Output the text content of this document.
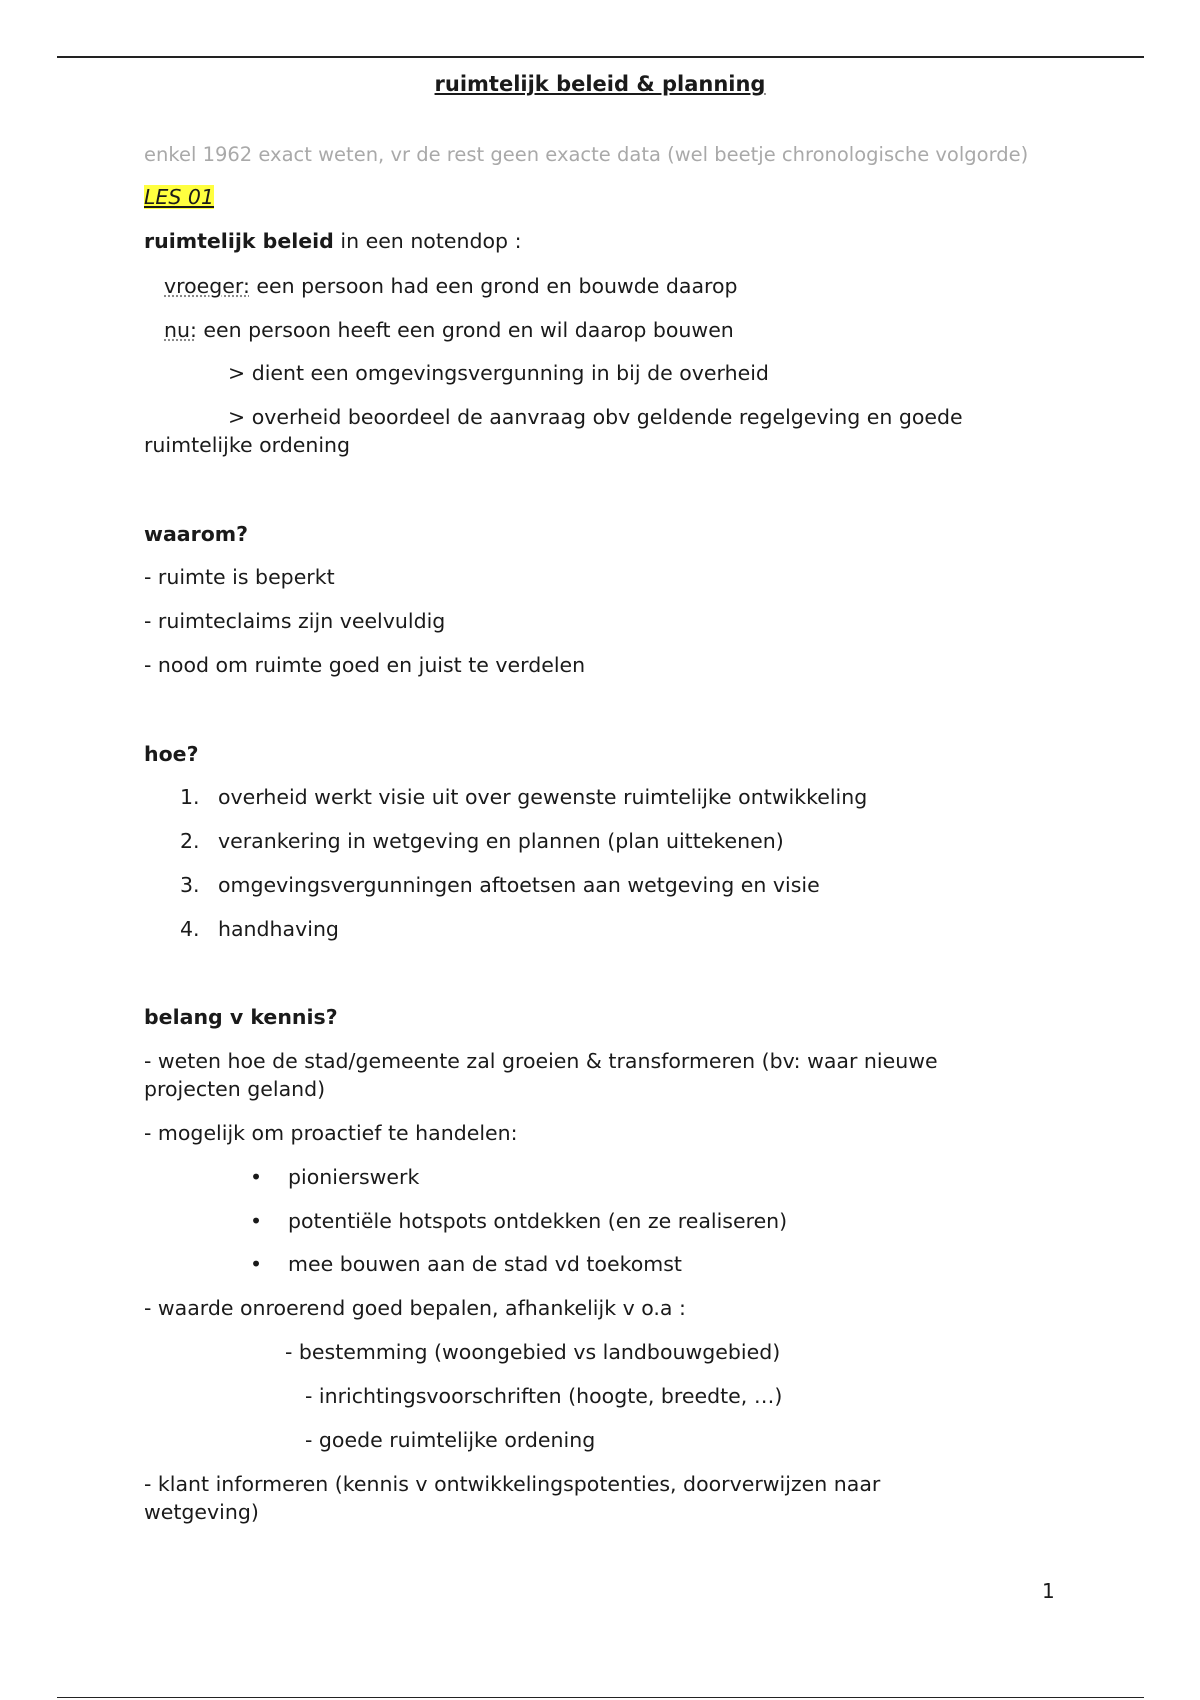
ruimtelijk beleid & planning
enkel 1962 exact weten, vr de rest geen exacte data (wel beetje chronologische volgorde)
LES 01
ruimtelijk beleid in een notendop :
vroeger: een persoon had een grond en bouwde daarop
nu: een persoon heeft een grond en wil daarop bouwen
> dient een omgevingsvergunning in bij de overheid
> overheid beoordeel de aanvraag obv geldende regelgeving en goede
ruimtelijke ordening
waarom?
- ruimte is beperkt
- ruimteclaims zijn veelvuldig
- nood om ruimte goed en juist te verdelen
hoe?
1. overheid werkt visie uit over gewenste ruimtelijke ontwikkeling
2. verankering in wetgeving en plannen (plan uittekenen)
3. omgevingsvergunningen aftoetsen aan wetgeving en visie
4. handhaving
belang v kennis?
- weten hoe de stad/gemeente zal groeien & transformeren (bv: waar nieuwe
projecten geland)
- mogelijk om proactief te handelen:
• pionierswerk
• potentiële hotspots ontdekken (en ze realiseren)
• mee bouwen aan de stad vd toekomst
- waarde onroerend goed bepalen, afhankelijk v o.a :
- bestemming (woongebied vs landbouwgebied)
- inrichtingsvoorschriften (hoogte, breedte, …)
- goede ruimtelijke ordening
- klant informeren (kennis v ontwikkelingspotenties, doorverwijzen naar
wetgeving)
1
